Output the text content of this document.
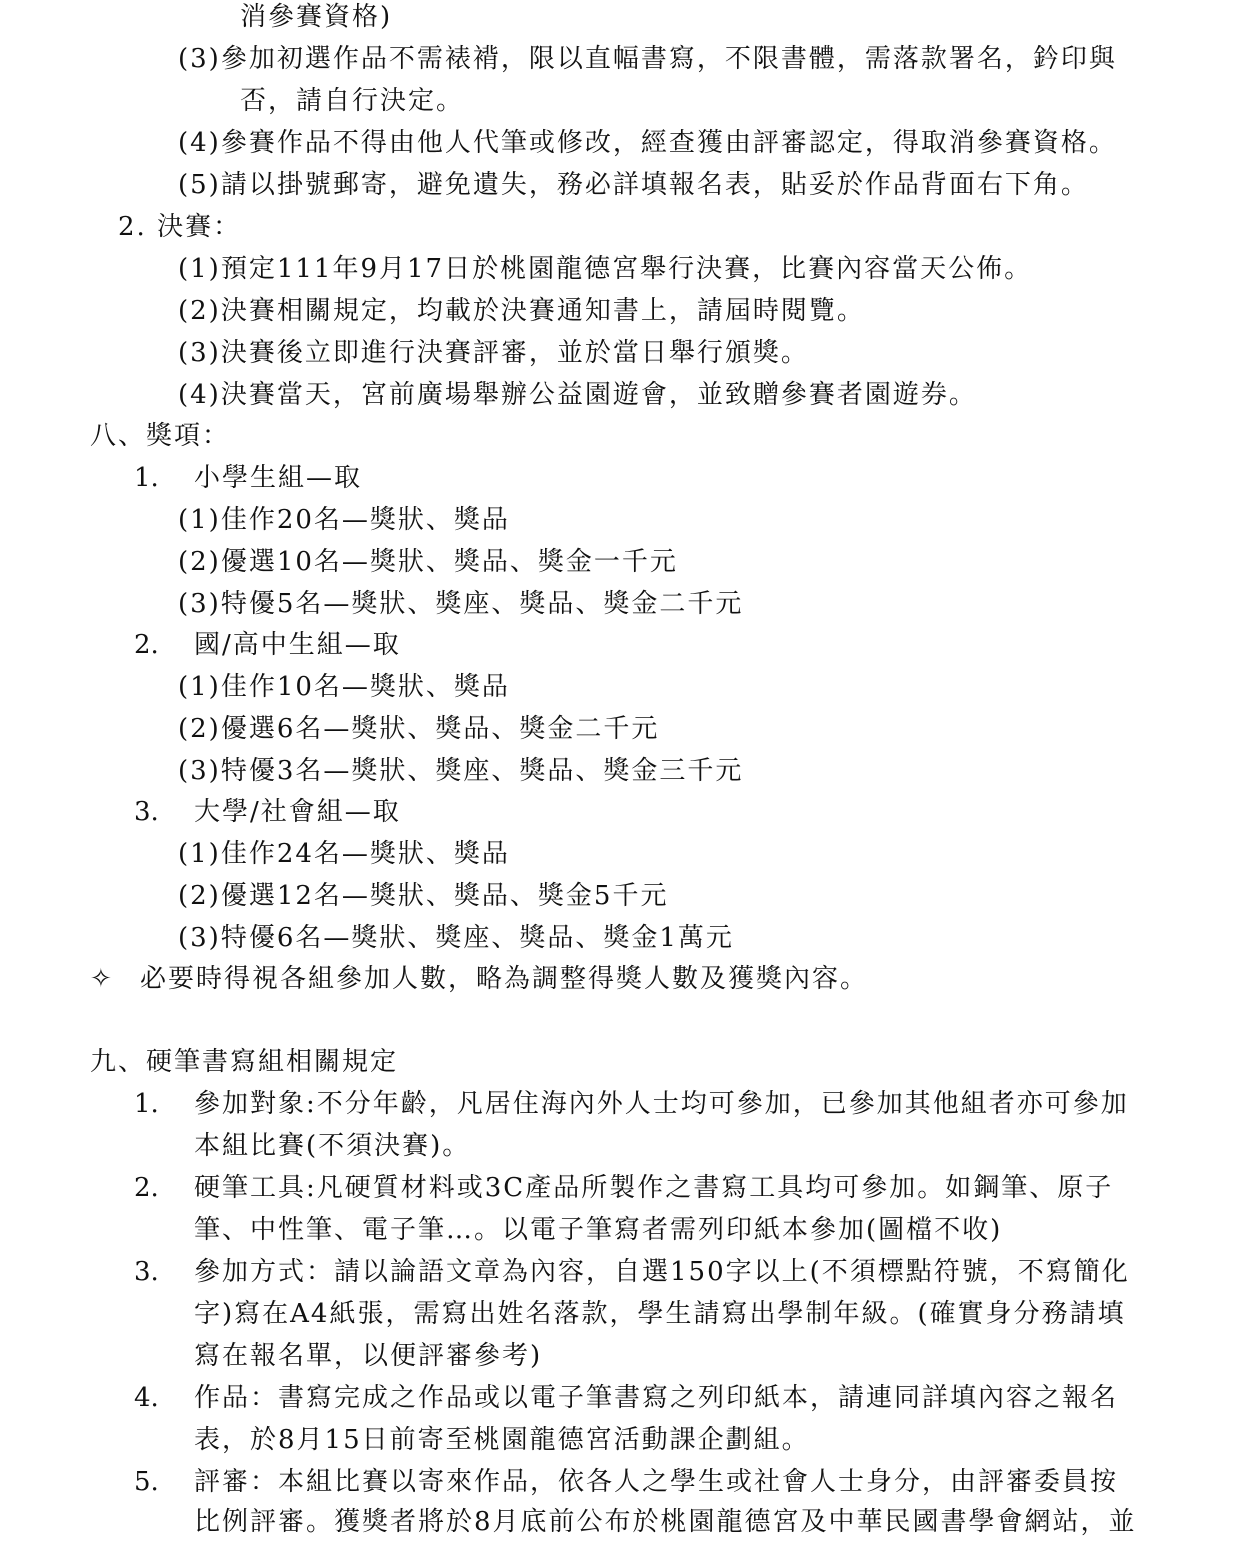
消參賽資格)
(3)參加初選作品不需裱褙，限以直幅書寫，不限書體，需落款署名，鈐印與
否，請自行決定。
(4)參賽作品不得由他人代筆或修改，經查獲由評審認定，得取消參賽資格。
(5)請以掛號郵寄，避免遺失，務必詳填報名表，貼妥於作品背面右下角。
2. 決賽：
(1)預定111年9月17日於桃園龍德宮舉行決賽，比賽內容當天公佈。
(2)決賽相關規定，均載於決賽通知書上，請屆時閱覽。
(3)決賽後立即進行決賽評審，並於當日舉行頒獎。
(4)決賽當天，宮前廣場舉辦公益園遊會，並致贈參賽者園遊券。
八、獎項：
1. 小學生組—取
(1)佳作20名—獎狀、獎品
(2)優選10名—獎狀、獎品、獎金一千元
(3)特優5名—獎狀、獎座、獎品、獎金二千元
2. 國/高中生組—取
(1)佳作10名—獎狀、獎品
(2)優選6名—獎狀、獎品、獎金二千元
(3)特優3名—獎狀、獎座、獎品、獎金三千元
3. 大學/社會組—取
(1)佳作24名—獎狀、獎品
(2)優選12名—獎狀、獎品、獎金5千元
(3)特優6名—獎狀、獎座、獎品、獎金1萬元
✧ 必要時得視各組參加人數，略為調整得獎人數及獲獎內容。
九、硬筆書寫組相關規定
1. 參加對象:不分年齡，凡居住海內外人士均可參加，已參加其他組者亦可參加
本組比賽(不須決賽)。
2. 硬筆工具:凡硬質材料或3C產品所製作之書寫工具均可參加。如鋼筆、原子
筆、中性筆、電子筆…。以電子筆寫者需列印紙本參加(圖檔不收)
3. 參加方式：請以論語文章為內容，自選150字以上(不須標點符號，不寫簡化
字)寫在A4紙張，需寫出姓名落款，學生請寫出學制年級。(確實身分務請填
寫在報名單，以便評審參考)
4. 作品：書寫完成之作品或以電子筆書寫之列印紙本，請連同詳填內容之報名
表，於8月15日前寄至桃園龍德宮活動課企劃組。
5. 評審：本組比賽以寄來作品，依各人之學生或社會人士身分，由評審委員按
比例評審。獲獎者將於8月底前公布於桃園龍德宮及中華民國書學會網站，並
